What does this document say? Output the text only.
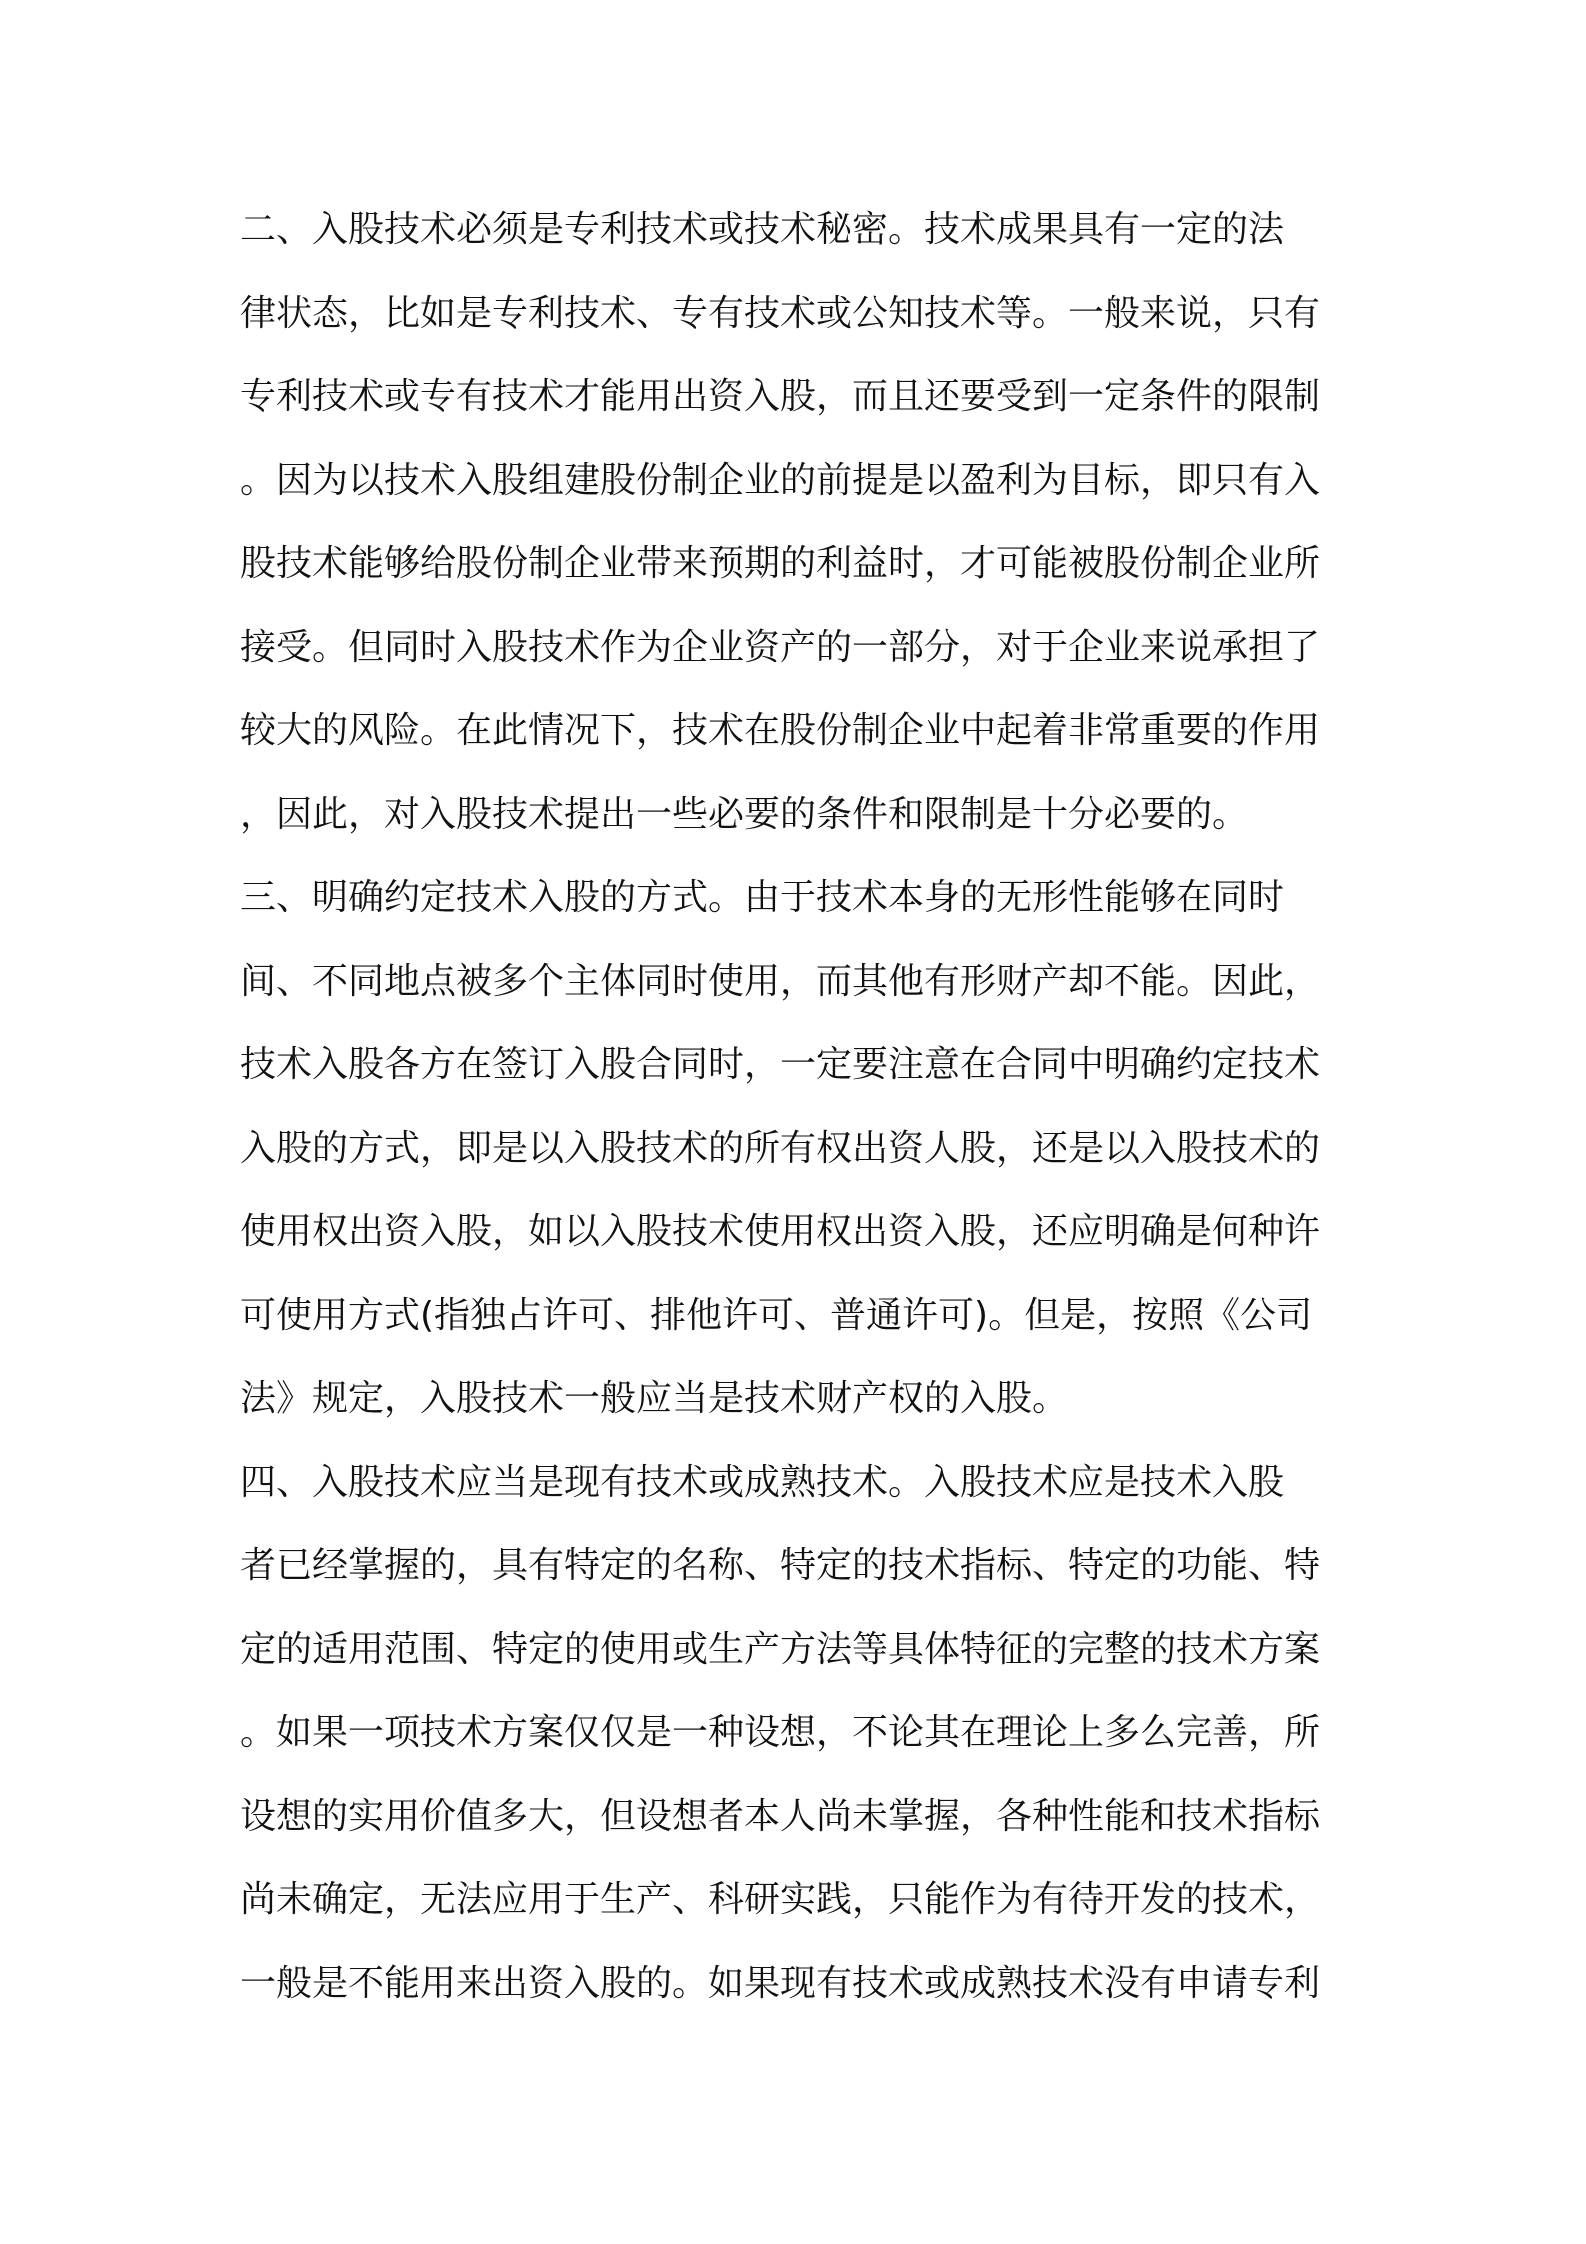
二、入股技术必须是专利技术或技术秘密。技术成果具有一定的法
律状态，比如是专利技术、专有技术或公知技术等。一般来说，只有
专利技术或专有技术才能用出资入股，而且还要受到一定条件的限制
。因为以技术入股组建股份制企业的前提是以盈利为目标，即只有入
股技术能够给股份制企业带来预期的利益时，才可能被股份制企业所
接受。但同时入股技术作为企业资产的一部分，对于企业来说承担了
较大的风险。在此情况下，技术在股份制企业中起着非常重要的作用
，因此，对入股技术提出一些必要的条件和限制是十分必要的。
三、明确约定技术入股的方式。由于技术本身的无形性能够在同时
间、不同地点被多个主体同时使用，而其他有形财产却不能。因此，
技术入股各方在签订入股合同时，一定要注意在合同中明确约定技术
入股的方式，即是以入股技术的所有权出资人股，还是以入股技术的
使用权出资入股，如以入股技术使用权出资入股，还应明确是何种许
可使用方式(指独占许可、排他许可、普通许可)。但是，按照《公司
法》规定，入股技术一般应当是技术财产权的入股。
四、入股技术应当是现有技术或成熟技术。入股技术应是技术入股
者已经掌握的，具有特定的名称、特定的技术指标、特定的功能、特
定的适用范围、特定的使用或生产方法等具体特征的完整的技术方案
。如果一项技术方案仅仅是一种设想，不论其在理论上多么完善，所
设想的实用价值多大，但设想者本人尚未掌握，各种性能和技术指标
尚未确定，无法应用于生产、科研实践，只能作为有待开发的技术，
一般是不能用来出资入股的。如果现有技术或成熟技术没有申请专利
